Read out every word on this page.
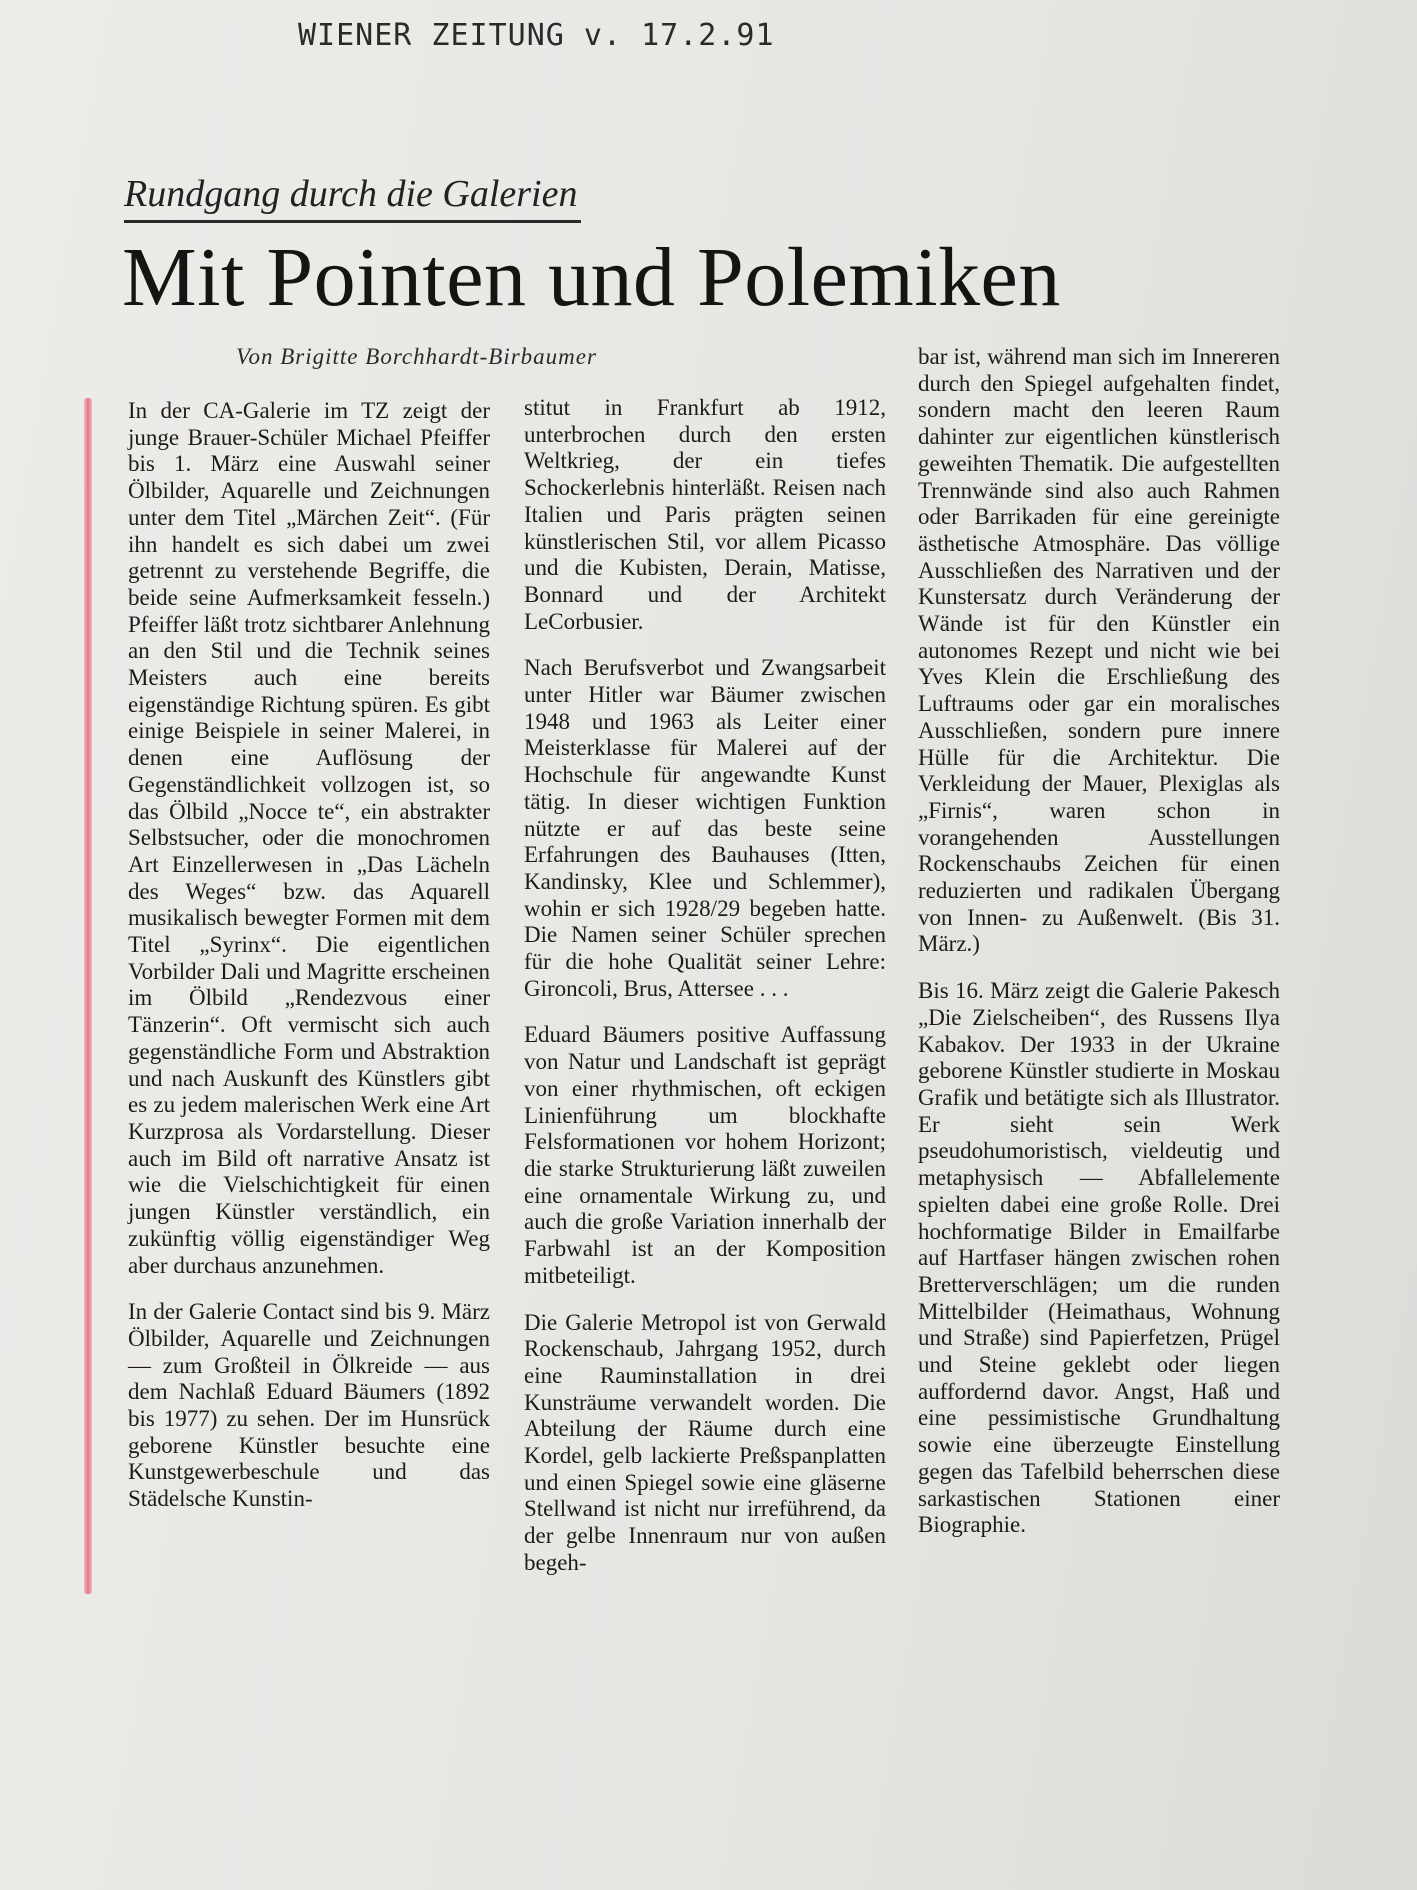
WIENER ZEITUNG v. 17.2.91
Rundgang durch die Galerien
Mit Pointen und Polemiken
Von Brigitte Borchhardt-Birbaumer

In der CA-Galerie im TZ zeigt der junge Brauer-Schüler Michael Pfeiffer bis 1. März eine Auswahl seiner Ölbilder, Aquarelle und Zeichnungen unter dem Titel „Märchen Zeit“. (Für ihn handelt es sich dabei um zwei getrennt zu verstehende Begriffe, die beide seine Aufmerksamkeit fesseln.) Pfeiffer läßt trotz sichtbarer Anlehnung an den Stil und die Technik seines Meisters auch eine bereits eigenständige Richtung spüren. Es gibt einige Beispiele in seiner Malerei, in denen eine Auflösung der Gegenständlichkeit vollzogen ist, so das Ölbild „Nocce te“, ein abstrakter Selbstsucher, oder die monochromen Art Einzellerwesen in „Das Lächeln des Weges“ bzw. das Aquarell musikalisch bewegter Formen mit dem Titel „Syrinx“. Die eigentlichen Vorbilder Dali und Magritte erscheinen im Ölbild „Rendezvous einer Tänzerin“. Oft vermischt sich auch gegenständliche Form und Abstraktion und nach Auskunft des Künstlers gibt es zu jedem malerischen Werk eine Art Kurzprosa als Vordarstellung. Dieser auch im Bild oft narrative Ansatz ist wie die Vielschichtigkeit für einen jungen Künstler verständlich, ein zukünftig völlig eigenständiger Weg aber durchaus anzunehmen.

In der Galerie Contact sind bis 9. März Ölbilder, Aquarelle und Zeichnungen — zum Großteil in Ölkreide — aus dem Nachlaß Eduard Bäumers (1892 bis 1977) zu sehen. Der im Hunsrück geborene Künstler besuchte eine Kunstgewerbeschule und das Städelsche Kunstin-

stitut in Frankfurt ab 1912, unterbrochen durch den ersten Weltkrieg, der ein tiefes Schockerlebnis hinterläßt. Reisen nach Italien und Paris prägten seinen künstlerischen Stil, vor allem Picasso und die Kubisten, Derain, Matisse, Bonnard und der Architekt LeCorbusier.

Nach Berufsverbot und Zwangsarbeit unter Hitler war Bäumer zwischen 1948 und 1963 als Leiter einer Meisterklasse für Malerei auf der Hochschule für angewandte Kunst tätig. In dieser wichtigen Funktion nützte er auf das beste seine Erfahrungen des Bauhauses (Itten, Kandinsky, Klee und Schlemmer), wohin er sich 1928/29 begeben hatte. Die Namen seiner Schüler sprechen für die hohe Qualität seiner Lehre: Gironcoli, Brus, Attersee . . .

Eduard Bäumers positive Auffassung von Natur und Landschaft ist geprägt von einer rhythmischen, oft eckigen Linienführung um blockhafte Felsformationen vor hohem Horizont; die starke Strukturierung läßt zuweilen eine ornamentale Wirkung zu, und auch die große Variation innerhalb der Farbwahl ist an der Komposition mitbeteiligt.

Die Galerie Metropol ist von Gerwald Rockenschaub, Jahrgang 1952, durch eine Rauminstallation in drei Kunsträume verwandelt worden. Die Abteilung der Räume durch eine Kordel, gelb lackierte Preßspanplatten und einen Spiegel sowie eine gläserne Stellwand ist nicht nur irreführend, da der gelbe Innenraum nur von außen begeh-

bar ist, während man sich im Innereren durch den Spiegel aufgehalten findet, sondern macht den leeren Raum dahinter zur eigentlichen künstlerisch geweihten Thematik. Die aufgestellten Trennwände sind also auch Rahmen oder Barrikaden für eine gereinigte ästhetische Atmosphäre. Das völlige Ausschließen des Narrativen und der Kunstersatz durch Veränderung der Wände ist für den Künstler ein autonomes Rezept und nicht wie bei Yves Klein die Erschließung des Luftraums oder gar ein moralisches Ausschließen, sondern pure innere Hülle für die Architektur. Die Verkleidung der Mauer, Plexiglas als „Firnis“, waren schon in vorangehenden Ausstellungen Rockenschaubs Zeichen für einen reduzierten und radikalen Übergang von Innen- zu Außenwelt. (Bis 31. März.)

Bis 16. März zeigt die Galerie Pakesch „Die Zielscheiben“, des Russens Ilya Kabakov. Der 1933 in der Ukraine geborene Künstler studierte in Moskau Grafik und betätigte sich als Illustrator. Er sieht sein Werk pseudohumoristisch, vieldeutig und metaphysisch — Abfallelemente spielten dabei eine große Rolle. Drei hochformatige Bilder in Emailfarbe auf Hartfaser hängen zwischen rohen Bretterverschlägen; um die runden Mittelbilder (Heimathaus, Wohnung und Straße) sind Papierfetzen, Prügel und Steine geklebt oder liegen auffordernd davor. Angst, Haß und eine pessimistische Grundhaltung sowie eine überzeugte Einstellung gegen das Tafelbild beherrschen diese sarkastischen Stationen einer Biographie.
